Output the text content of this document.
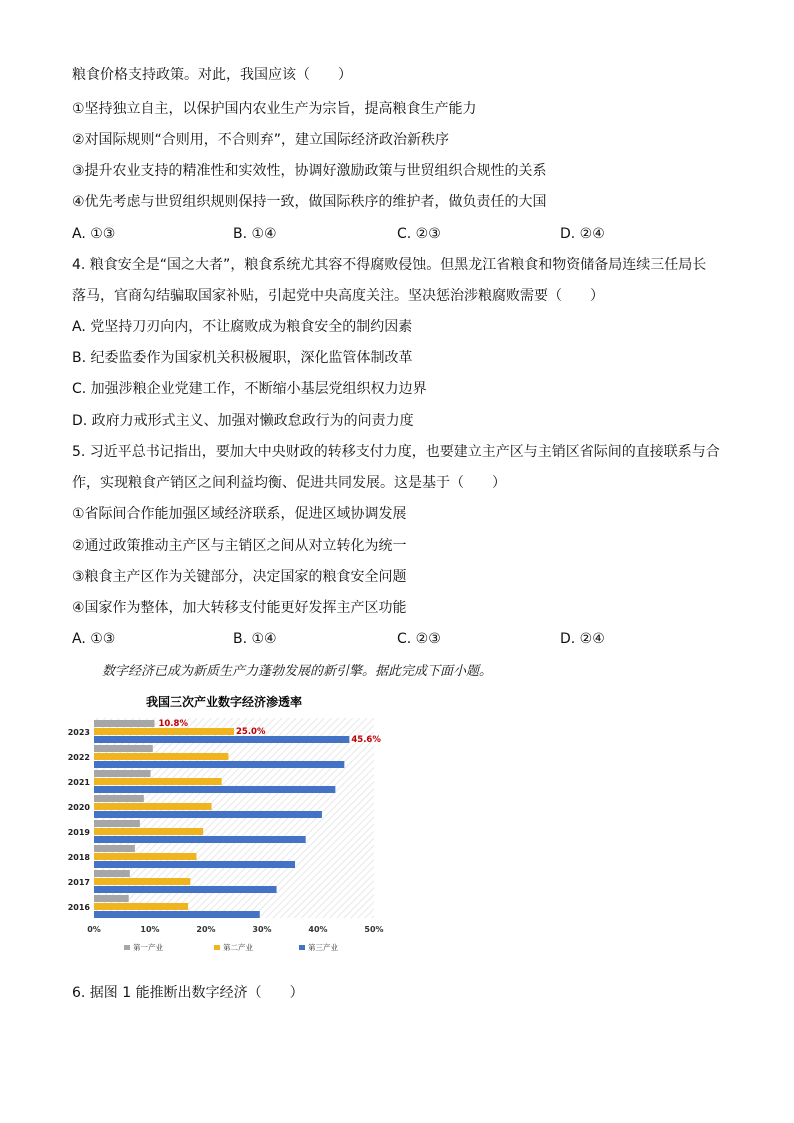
粮食价格支持政策。对此，我国应该（　　）
①坚持独立自主，以保护国内农业生产为宗旨，提高粮食生产能力
②对国际规则“合则用，不合则弃”，建立国际经济政治新秩序
③提升农业支持的精准性和实效性，协调好激励政策与世贸组织合规性的关系
④优先考虑与世贸组织规则保持一致，做国际秩序的维护者，做负责任的大国
A. ①③	B. ①④	C. ②③	D. ②④
4. 粮食安全是“国之大者”，粮食系统尤其容不得腐败侵蚀。但黑龙江省粮食和物资储备局连续三任局长
落马，官商勾结骗取国家补贴，引起党中央高度关注。坚决惩治涉粮腐败需要（　　）
A. 党坚持刀刃向内，不让腐败成为粮食安全的制约因素
B. 纪委监委作为国家机关积极履职，深化监管体制改革
C. 加强涉粮企业党建工作，不断缩小基层党组织权力边界
D. 政府力戒形式主义、加强对懒政怠政行为的问责力度
5. 习近平总书记指出，要加大中央财政的转移支付力度，也要建立主产区与主销区省际间的直接联系与合
作，实现粮食产销区之间利益均衡、促进共同发展。这是基于（　　）
①省际间合作能加强区域经济联系，促进区域协调发展
②通过政策推动主产区与主销区之间从对立转化为统一
③粮食主产区作为关键部分，决定国家的粮食安全问题
④国家作为整体，加大转移支付能更好发挥主产区功能
A. ①③	B. ①④	C. ②③	D. ②④
数字经济已成为新质生产力蓬勃发展的新引擎。据此完成下面小题。
我国三次产业数字经济渗透率
2023
2022
2021
2020
2019
2018
2017
2016
0%	10%	20%	30%	40%	50%
10.8%
25.0%
45.6%
第一产业	第二产业	第三产业
6. 据图 1 能推断出数字经济（　　）
